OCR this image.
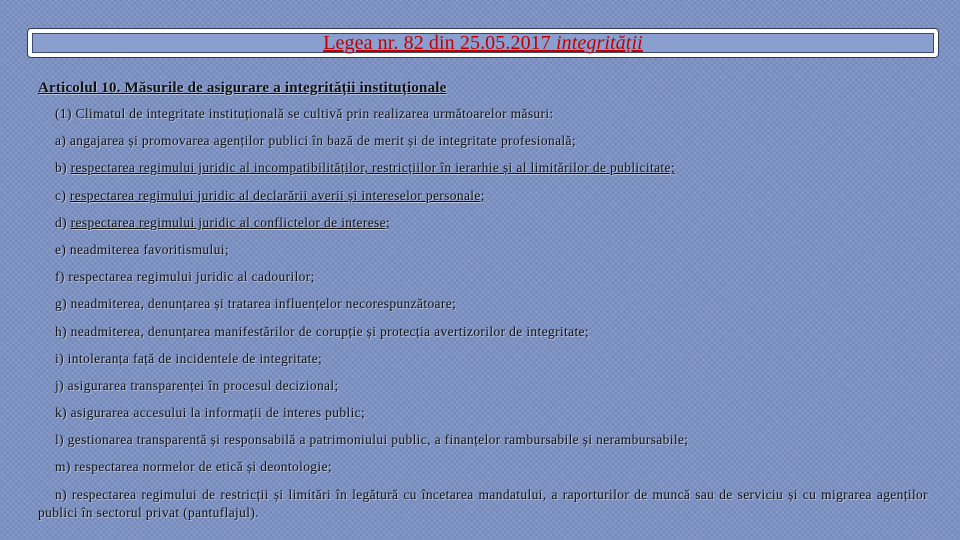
Legea nr. 82 din 25.05.2017 integrității
Articolul 10. Măsurile de asigurare a integrității instituționale

(1) Climatul de integritate instituțională se cultivă prin realizarea următoarelor măsuri:

a) angajarea și promovarea agenților publici în bază de merit și de integritate profesională;

b) respectarea regimului juridic al incompatibilităților, restricțiilor în ierarhie și al limitărilor de publicitate;

c) respectarea regimului juridic al declarării averii și intereselor personale;

d) respectarea regimului juridic al conflictelor de interese;

e) neadmiterea favoritismului;

f) respectarea regimului juridic al cadourilor;

g) neadmiterea, denunțarea și tratarea influențelor necorespunzătoare;

h) neadmiterea, denunțarea manifestărilor de corupție și protecția avertizorilor de integritate;

i) intoleranța față de incidentele de integritate;

j) asigurarea transparenței în procesul decizional;

k) asigurarea accesului la informații de interes public;

l) gestionarea transparentă și responsabilă a patrimoniului public, a finanțelor rambursabile și nerambursabile;

m) respectarea normelor de etică și deontologie;

n) respectarea regimului de restricții și limitări în legătură cu încetarea mandatului, a raporturilor de muncă sau de serviciu și cu migrarea agenților publici în sectorul privat (pantuflajul).
